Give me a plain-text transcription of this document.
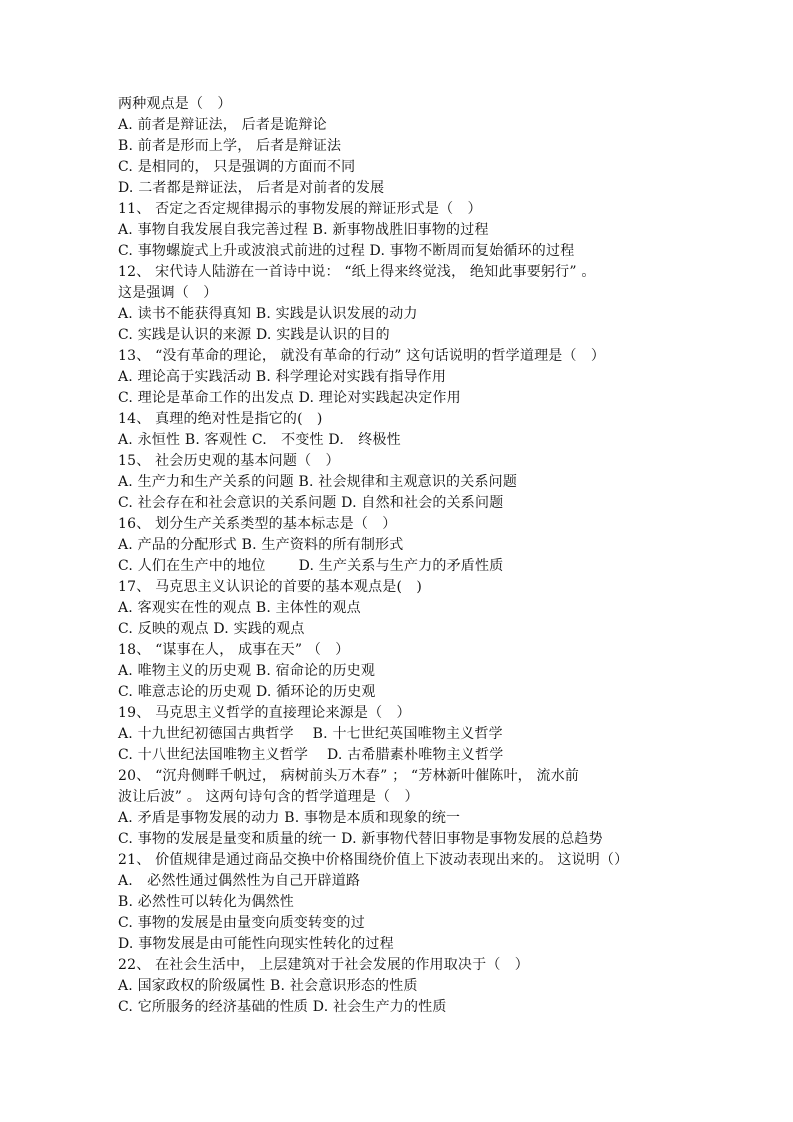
两种观点是（　）
A. 前者是辩证法， 后者是诡辩论
B. 前者是形而上学， 后者是辩证法
C. 是相同的， 只是强调的方面而不同
D. 二者都是辩证法， 后者是对前者的发展
11、 否定之否定规律揭示的事物发展的辩证形式是（　）
A. 事物自我发展自我完善过程 B. 新事物战胜旧事物的过程
C. 事物螺旋式上升或波浪式前进的过程 D. 事物不断周而复始循环的过程
12、 宋代诗人陆游在一首诗中说： “纸上得来终觉浅， 绝知此事要躬行” 。
这是强调（　）
A. 读书不能获得真知 B. 实践是认识发展的动力
C. 实践是认识的来源 D. 实践是认识的目的
13、 “没有革命的理论， 就没有革命的行动” 这句话说明的哲学道理是（　）
A. 理论高于实践活动 B. 科学理论对实践有指导作用
C. 理论是革命工作的出发点 D. 理论对实践起决定作用
14、 真理的绝对性是指它的(　)
A. 永恒性 B. 客观性 C.　不变性 D.　终极性
15、 社会历史观的基本问题（　）
A. 生产力和生产关系的问题 B. 社会规律和主观意识的关系问题
C. 社会存在和社会意识的关系问题 D. 自然和社会的关系问题
16、 划分生产关系类型的基本标志是（　）
A. 产品的分配形式 B. 生产资料的所有制形式
C. 人们在生产中的地位　　 D. 生产关系与生产力的矛盾性质
17、 马克思主义认识论的首要的基本观点是(　)
A. 客观实在性的观点 B. 主体性的观点
C. 反映的观点 D. 实践的观点
18、 “谋事在人， 成事在天” （　）
A. 唯物主义的历史观 B. 宿命论的历史观
C. 唯意志论的历史观 D. 循环论的历史观
19、 马克思主义哲学的直接理论来源是（　）
A. 十九世纪初德国古典哲学　 B. 十七世纪英国唯物主义哲学
C. 十八世纪法国唯物主义哲学　 D. 古希腊素朴唯物主义哲学
20、 “沉舟侧畔千帆过， 病树前头万木春” ； “芳林新叶催陈叶， 流水前
波让后波” 。 这两句诗句含的哲学道理是（　）
A. 矛盾是事物发展的动力 B. 事物是本质和现象的统一
C. 事物的发展是量变和质量的统一 D. 新事物代替旧事物是事物发展的总趋势
21、 价值规律是通过商品交换中价格围绕价值上下波动表现出来的。 这说明（）
A.　必然性通过偶然性为自己开辟道路
B. 必然性可以转化为偶然性
C. 事物的发展是由量变向质变转变的过
D. 事物发展是由可能性向现实性转化的过程
22、 在社会生活中， 上层建筑对于社会发展的作用取决于（　）
A. 国家政权的阶级属性 B. 社会意识形态的性质
C. 它所服务的经济基础的性质 D. 社会生产力的性质
